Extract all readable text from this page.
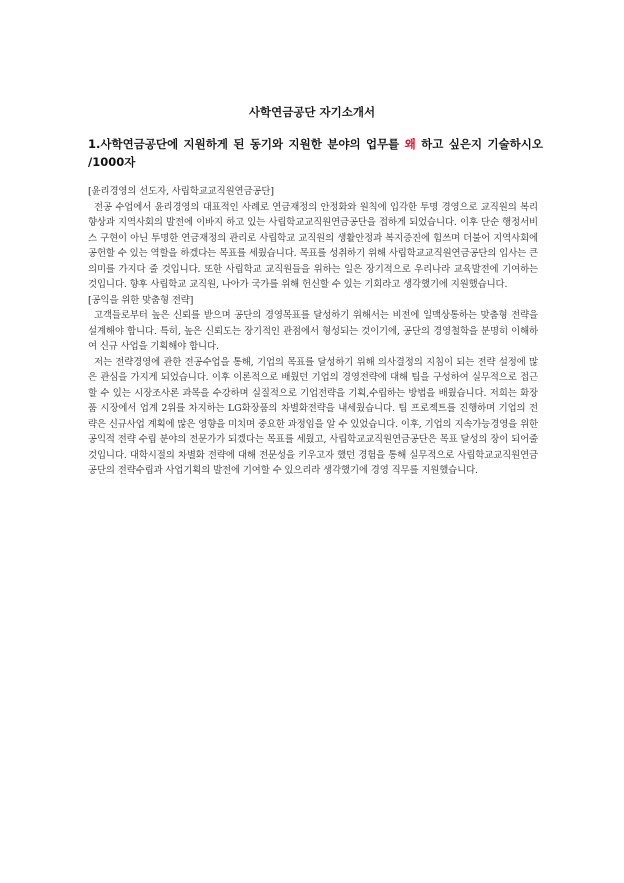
사학연금공단 자기소개서
1.사학연금공단에 지원하게 된 동기와 지원한 분야의 업무를 왜 하고 싶은지 기술하시오 /1000자

[윤리경영의 선도자, 사립학교교직원연금공단]

전공 수업에서 윤리경영의 대표적인 사례로 연금재정의 안정화와 원칙에 입각한 투명 경영으로 교직원의 복리향상과 지역사회의 발전에 이바지 하고 있는 사립학교교직원연금공단을 접하게 되었습니다. 이후 단순 행정서비스 구현이 아닌 투명한 연금재정의 관리로 사립학교 교직원의 생활안정과 복지증진에 힘쓰며 더불어 지역사회에 공헌할 수 있는 역할을 하겠다는 목표를 세웠습니다. 목표를 성취하기 위해 사립학교교직원연금공단의 입사는 큰 의미를 가지다 줄 것입니다. 또한 사립학교 교직원들을 위하는 일은 장기적으로 우리나라 교육발전에 기여하는 것입니다. 향후 사립학교 교직원, 나아가 국가를 위해 헌신할 수 있는 기회라고 생각했기에 지원했습니다.

[공익을 위한 맞춤형 전략]

고객들로부터 높은 신뢰를 받으며 공단의 경영목표를 달성하기 위해서는 비전에 일맥상통하는 맞춤형 전략을 설계해야 합니다. 특히, 높은 신뢰도는 장기적인 관점에서 형성되는 것이기에, 공단의 경영철학을 분명히 이해하여 신규 사업을 기획해야 합니다.

저는 전략경영에 관한 전공수업을 통해, 기업의 목표를 달성하기 위해 의사결정의 지침이 되는 전략 설정에 많은 관심을 가지게 되었습니다. 이후 이론적으로 배웠던 기업의 경영전략에 대해 팀을 구성하여 실무적으로 접근할 수 있는 시장조사론 과목을 수강하며 실질적으로 기업전략을 기획,수립하는 방법을 배웠습니다. 저희는 화장품 시장에서 업계 2위를 차지하는 LG화장품의 차별화전략을 내세웠습니다. 팀 프로젝트를 진행하며 기업의 전략은 신규사업 계획에 많은 영향을 미치며 중요한 과정임을 알 수 있었습니다. 이후, 기업의 지속가능경영을 위한 공익적 전략 수립 분야의 전문가가 되겠다는 목표를 세웠고, 사립학교교직원연금공단은 목표 달성의 장이 되어줄 것입니다. 대학시절의 차별화 전략에 대해 전문성을 키우고자 했던 경험을 통해 실무적으로 사립학교교직원연금공단의 전략수립과 사업기획의 발전에 기여할 수 있으리라 생각했기에 경영 직무를 지원했습니다.
